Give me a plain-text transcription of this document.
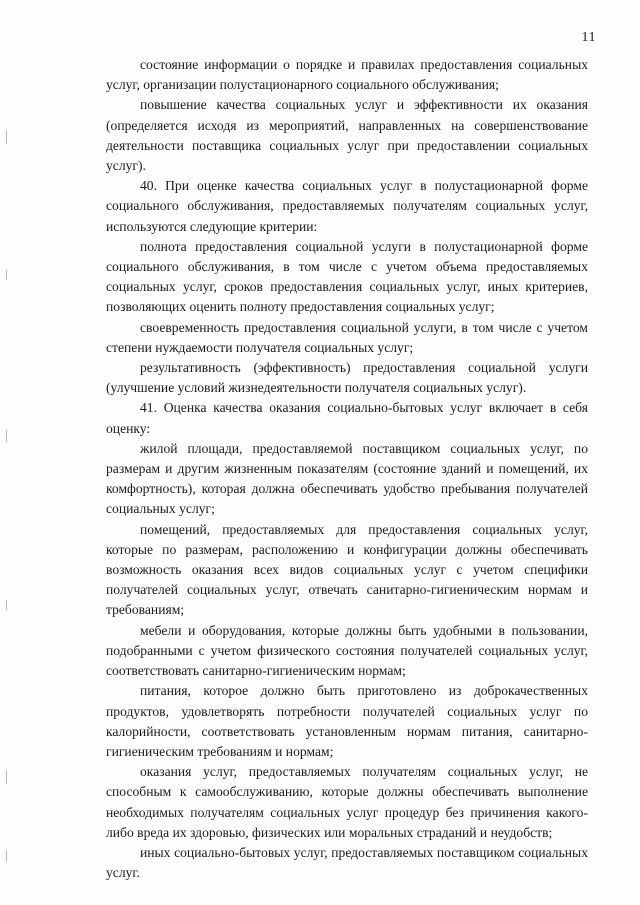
11

состояние информации о порядке и правилах предоставления социальных услуг, организации полустационарного социального обслуживания;

повышение качества социальных услуг и эффективности их оказания (определяется исходя из мероприятий, направленных на совершенствование деятельности поставщика социальных услуг при предоставлении социальных услуг).

40. При оценке качества социальных услуг в полустационарной форме социального обслуживания, предоставляемых получателям социальных услуг, используются следующие критерии:

полнота предоставления социальной услуги в полустационарной форме социального обслуживания, в том числе с учетом объема предоставляемых социальных услуг, сроков предоставления социальных услуг, иных критериев, позволяющих оценить полноту предоставления социальных услуг;

своевременность предоставления социальной услуги, в том числе с учетом степени нуждаемости получателя социальных услуг;

результативность (эффективность) предоставления социальной услуги (улучшение условий жизнедеятельности получателя социальных услуг).

41. Оценка качества оказания социально-бытовых услуг включает в себя оценку:

жилой площади, предоставляемой поставщиком социальных услуг, по размерам и другим жизненным показателям (состояние зданий и помещений, их комфортность), которая должна обеспечивать удобство пребывания получателей социальных услуг;

помещений, предоставляемых для предоставления социальных услуг, которые по размерам, расположению и конфигурации должны обеспечивать возможность оказания всех видов социальных услуг с учетом специфики получателей социальных услуг, отвечать санитарно-гигиеническим нормам и требованиям;

мебели и оборудования, которые должны быть удобными в пользовании, подобранными с учетом физического состояния получателей социальных услуг, соответствовать санитарно-гигиеническим нормам;

питания, которое должно быть приготовлено из доброкачественных продуктов, удовлетворять потребности получателей социальных услуг по калорийности, соответствовать установленным нормам питания, санитарно-гигиеническим требованиям и нормам;

оказания услуг, предоставляемых получателям социальных услуг, не способным к самообслуживанию, которые должны обеспечивать выполнение необходимых получателям социальных услуг процедур без причинения какого-либо вреда их здоровью, физических или моральных страданий и неудобств;

иных социально-бытовых услуг, предоставляемых поставщиком социальных услуг.
